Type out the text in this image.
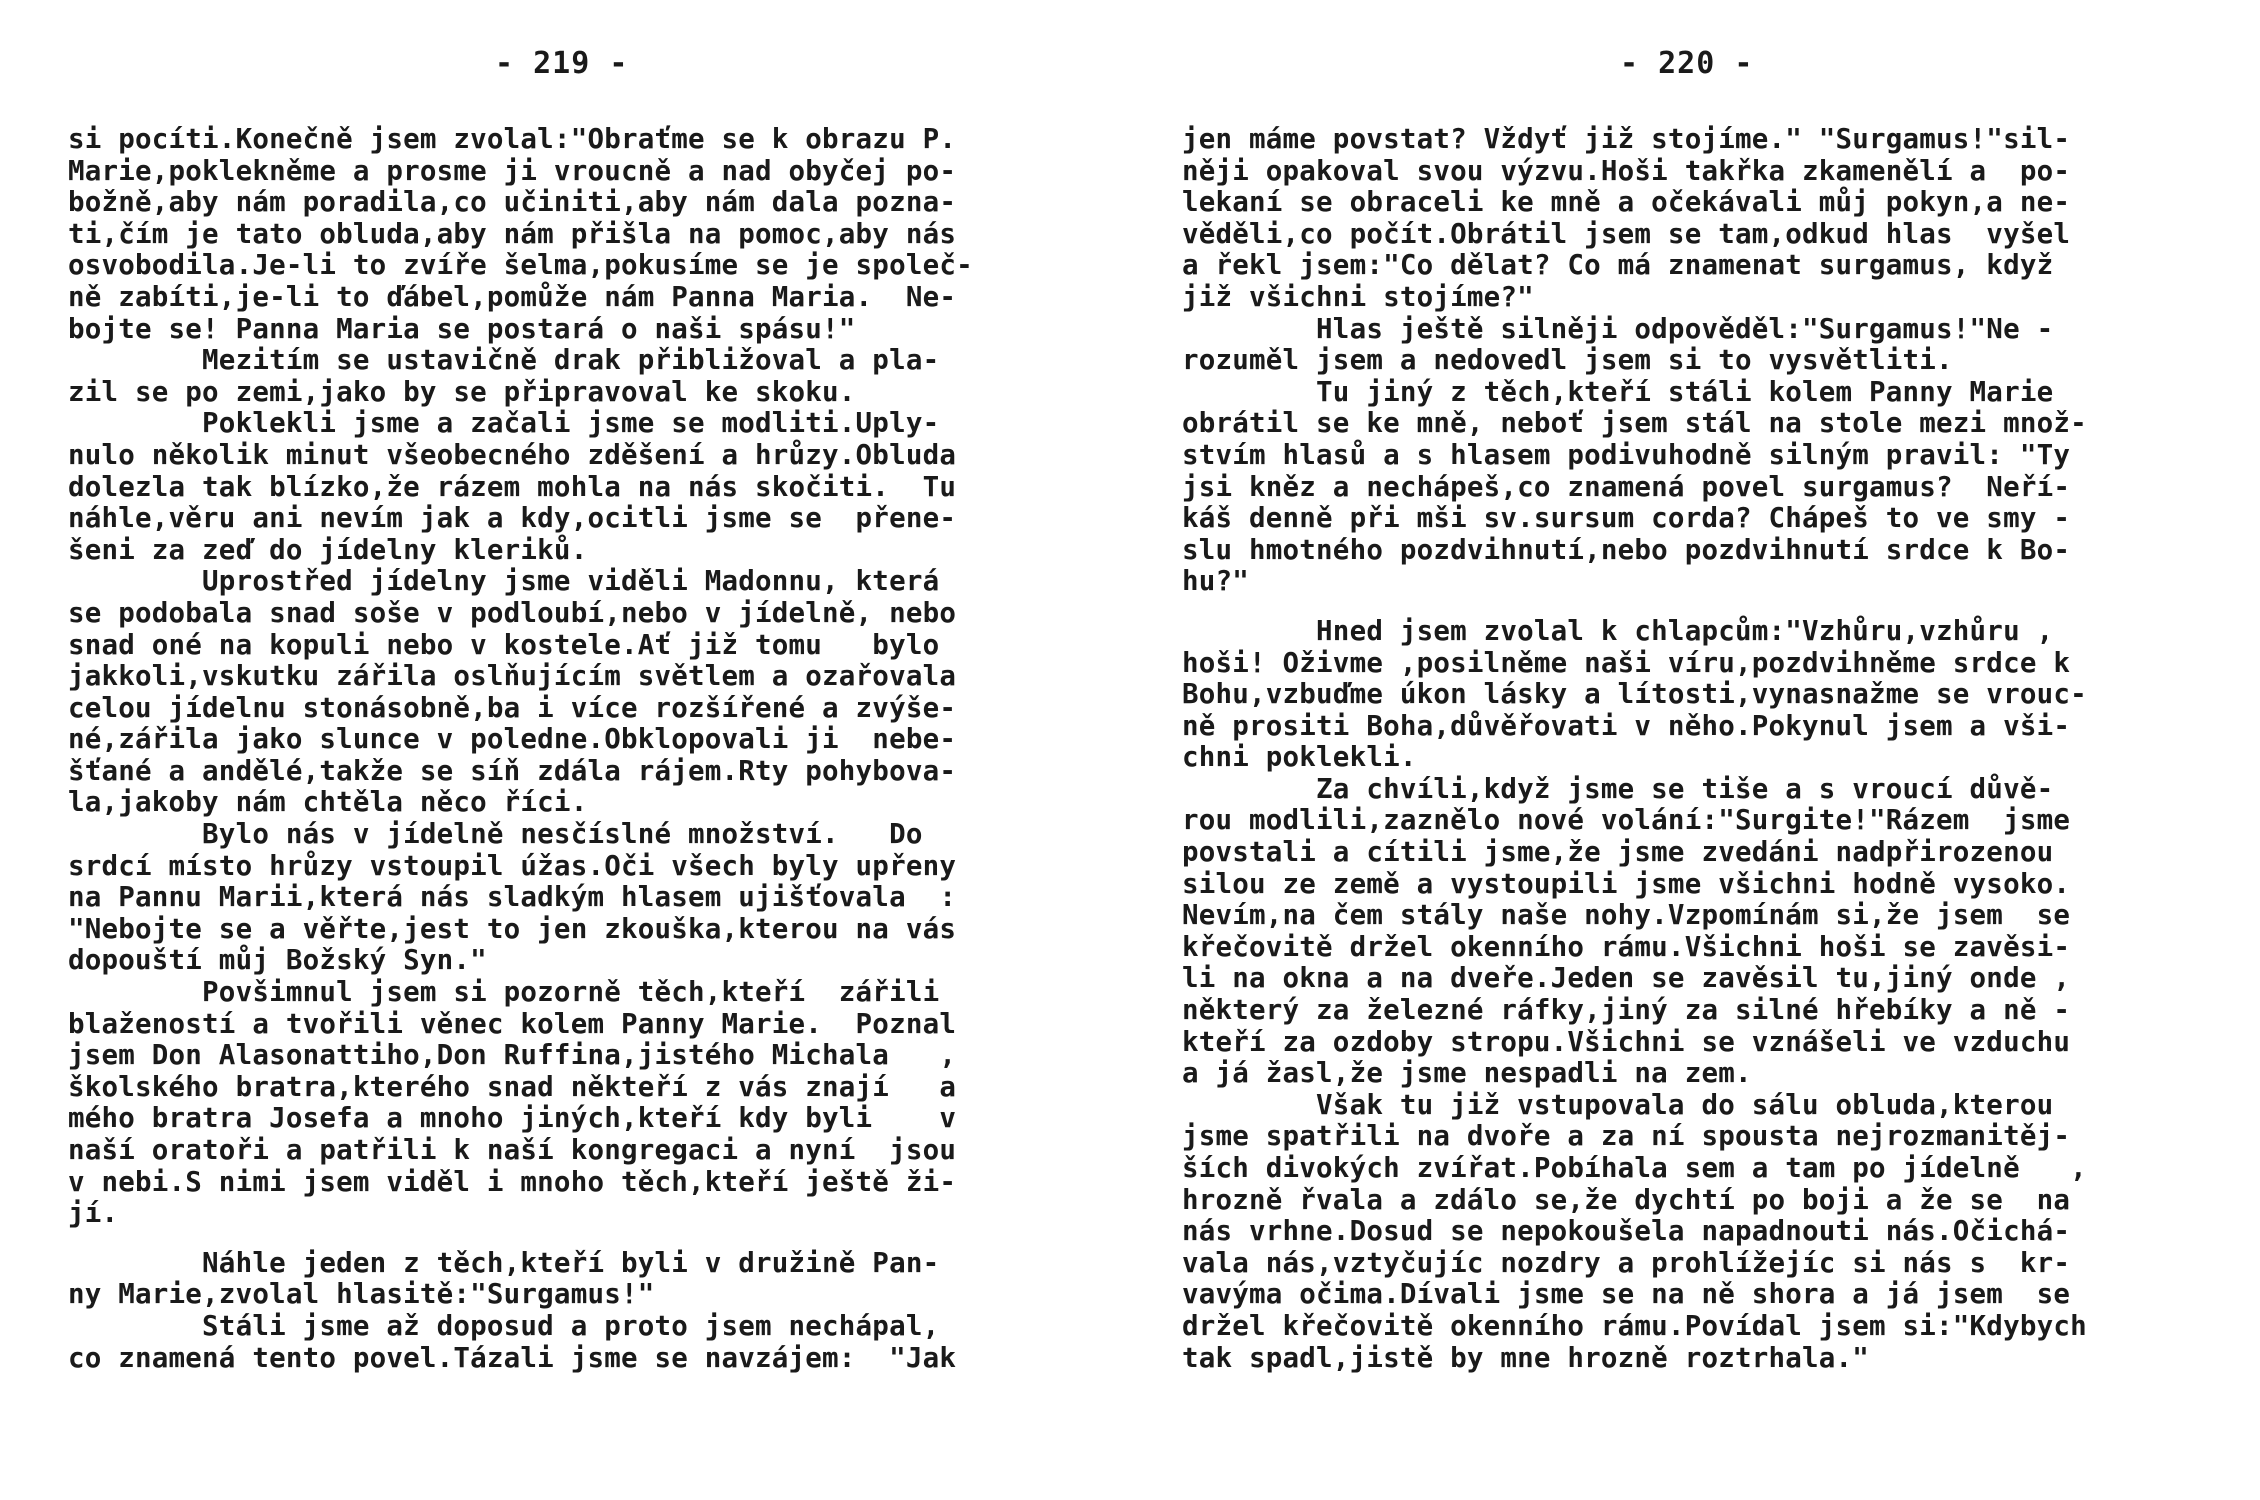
- 219 -
si pocíti.Konečně jsem zvolal:"Obraťme se k obrazu P.
Marie,poklekněme a prosme ji vroucně a nad obyčej po-
božně,aby nám poradila,co učiniti,aby nám dala pozna-
ti,čím je tato obluda,aby nám přišla na pomoc,aby nás
osvobodila.Je-li to zvíře šelma,pokusíme se je společ-
ně zabíti,je-li to ďábel,pomůže nám Panna Maria.  Ne-
bojte se! Panna Maria se postará o naši spásu!"
Mezitím se ustavičně drak přibližoval a pla-
zil se po zemi,jako by se připravoval ke skoku.
Poklekli jsme a začali jsme se modliti.Uply-
nulo několik minut všeobecného zděšení a hrůzy.Obluda
dolezla tak blízko,že rázem mohla na nás skočiti.  Tu
náhle,věru ani nevím jak a kdy,ocitli jsme se  přene-
šeni za zeď do jídelny kleriků.
Uprostřed jídelny jsme viděli Madonnu, která
se podobala snad soše v podloubí,nebo v jídelně, nebo
snad oné na kopuli nebo v kostele.Ať již tomu   bylo
jakkoli,vskutku zářila oslňujícím světlem a ozařovala
celou jídelnu stonásobně,ba i více rozšířené a zvýše-
né,zářila jako slunce v poledne.Obklopovali ji  nebe-
šťané a andělé,takže se síň zdála rájem.Rty pohybova-
la,jakoby nám chtěla něco říci.
Bylo nás v jídelně nesčíslné množství.   Do
srdcí místo hrůzy vstoupil úžas.Oči všech byly upřeny
na Pannu Marii,která nás sladkým hlasem ujišťovala  :
"Nebojte se a věřte,jest to jen zkouška,kterou na vás
dopouští můj Božský Syn."
Povšimnul jsem si pozorně těch,kteří  zářili
blažeností a tvořili věnec kolem Panny Marie.  Poznal
jsem Don Alasonattiho,Don Ruffina,jistého Michala   ,
školského bratra,kterého snad někteří z vás znají   a
mého bratra Josefa a mnoho jiných,kteří kdy byli    v
naší oratoři a patřili k naší kongregaci a nyní  jsou
v nebi.S nimi jsem viděl i mnoho těch,kteří ještě ži-
jí.
Náhle jeden z těch,kteří byli v družině Pan-
ny Marie,zvolal hlasitě:"Surgamus!"
Stáli jsme až doposud a proto jsem nechápal,
co znamená tento povel.Tázali jsme se navzájem:  "Jak
- 220 -
jen máme povstat? Vždyť již stojíme." "Surgamus!"sil-
něji opakoval svou výzvu.Hoši takřka zkamenělí a  po-
lekaní se obraceli ke mně a očekávali můj pokyn,a ne-
věděli,co počít.Obrátil jsem se tam,odkud hlas  vyšel
a řekl jsem:"Co dělat? Co má znamenat surgamus, když
již všichni stojíme?"
Hlas ještě silněji odpověděl:"Surgamus!"Ne -
rozuměl jsem a nedovedl jsem si to vysvětliti.
Tu jiný z těch,kteří stáli kolem Panny Marie
obrátil se ke mně, neboť jsem stál na stole mezi množ-
stvím hlasů a s hlasem podivuhodně silným pravil: "Ty
jsi kněz a nechápeš,co znamená povel surgamus?  Neří-
káš denně při mši sv.sursum corda? Chápeš to ve smy -
slu hmotného pozdvihnutí,nebo pozdvihnutí srdce k Bo-
hu?"
Hned jsem zvolal k chlapcům:"Vzhůru,vzhůru ,
hoši! Oživme ,posilněme naši víru,pozdvihněme srdce k
Bohu,vzbuďme úkon lásky a lítosti,vynasnažme se vrouc-
ně prositi Boha,důvěřovati v něho.Pokynul jsem a vši-
chni poklekli.
Za chvíli,když jsme se tiše a s vroucí důvě-
rou modlili,zaznělo nové volání:"Surgite!"Rázem  jsme
povstali a cítili jsme,že jsme zvedáni nadpřirozenou
silou ze země a vystoupili jsme všichni hodně vysoko.
Nevím,na čem stály naše nohy.Vzpomínám si,že jsem  se
křečovitě držel okenního rámu.Všichni hoši se zavěsi-
li na okna a na dveře.Jeden se zavěsil tu,jiný onde ,
některý za železné ráfky,jiný za silné hřebíky a ně -
kteří za ozdoby stropu.Všichni se vznášeli ve vzduchu
a já žasl,že jsme nespadli na zem.
Však tu již vstupovala do sálu obluda,kterou
jsme spatřili na dvoře a za ní spousta nejrozmanitěj-
ších divokých zvířat.Pobíhala sem a tam po jídelně   ,
hrozně řvala a zdálo se,že dychtí po boji a že se  na
nás vrhne.Dosud se nepokoušela napadnouti nás.Očichá-
vala nás,vztyčujíc nozdry a prohlížejíc si nás s  kr-
vavýma očima.Dívali jsme se na ně shora a já jsem  se
držel křečovitě okenního rámu.Povídal jsem si:"Kdybych
tak spadl,jistě by mne hrozně roztrhala."
